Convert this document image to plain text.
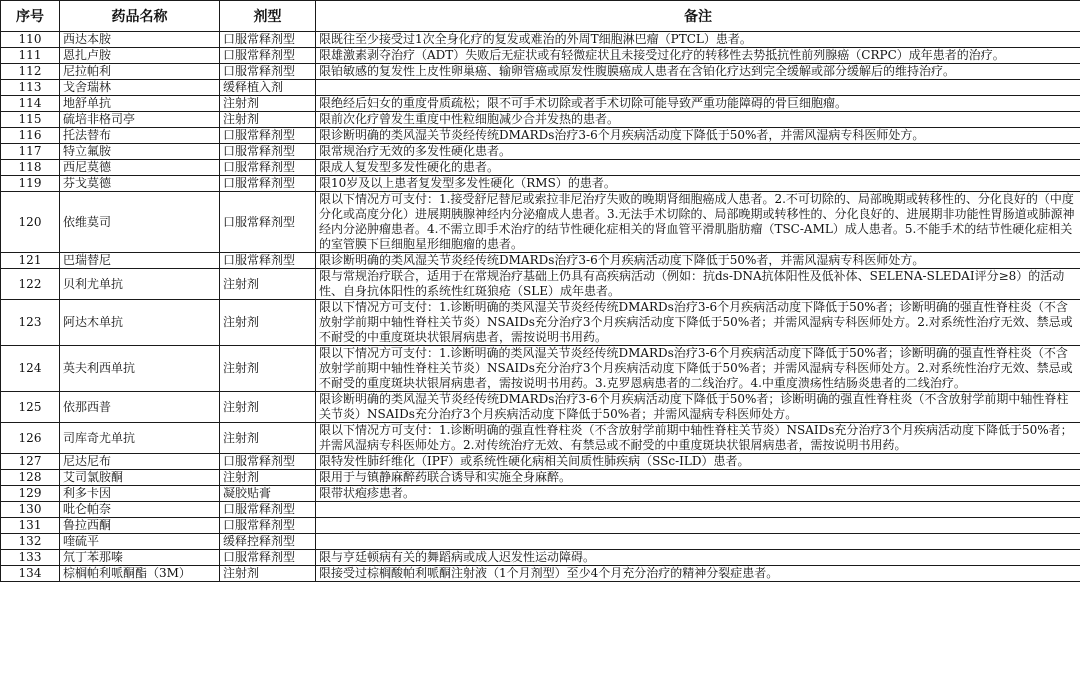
序号	药品名称	剂型	备注
110	西达本胺	口服常释剂型	限既往至少接受过1次全身化疗的复发或难治的外周T细胞淋巴瘤（PTCL）患者。
111	恩扎卢胺	口服常释剂型	限雄激素剥夺治疗（ADT）失败后无症状或有轻微症状且未接受过化疗的转移性去势抵抗性前列腺癌（CRPC）成年患者的治疗。
112	尼拉帕利	口服常释剂型	限铂敏感的复发性上皮性卵巢癌、输卵管癌或原发性腹膜癌成人患者在含铂化疗达到完全缓解或部分缓解后的维持治疗。
113	戈舍瑞林	缓释植入剂	
114	地舒单抗	注射剂	限绝经后妇女的重度骨质疏松；限不可手术切除或者手术切除可能导致严重功能障碍的骨巨细胞瘤。
115	硫培非格司亭	注射剂	限前次化疗曾发生重度中性粒细胞减少合并发热的患者。
116	托法替布	口服常释剂型	限诊断明确的类风湿关节炎经传统DMARDs治疗3-6个月疾病活动度下降低于50%者，并需风湿病专科医师处方。
117	特立氟胺	口服常释剂型	限常规治疗无效的多发性硬化患者。
118	西尼莫德	口服常释剂型	限成人复发型多发性硬化的患者。
119	芬戈莫德	口服常释剂型	限10岁及以上患者复发型多发性硬化（RMS）的患者。
120	依维莫司	口服常释剂型	限以下情况方可支付：1.接受舒尼替尼或索拉非尼治疗失败的晚期肾细胞癌成人患者。2.不可切除的、局部晚期或转移性的、分化良好的（中度分化或高度分化）进展期胰腺神经内分泌瘤成人患者。3.无法手术切除的、局部晚期或转移性的、分化良好的、进展期非功能性胃肠道或肺源神经内分泌肿瘤患者。4.不需立即手术治疗的结节性硬化症相关的肾血管平滑肌脂肪瘤（TSC-AML）成人患者。5.不能手术的结节性硬化症相关的室管膜下巨细胞星形细胞瘤的患者。
121	巴瑞替尼	口服常释剂型	限诊断明确的类风湿关节炎经传统DMARDs治疗3-6个月疾病活动度下降低于50%者，并需风湿病专科医师处方。
122	贝利尤单抗	注射剂	限与常规治疗联合，适用于在常规治疗基础上仍具有高疾病活动（例如：抗ds-DNA抗体阳性及低补体、SELENA-SLEDAI评分≥8）的活动性、自身抗体阳性的系统性红斑狼疮（SLE）成年患者。
123	阿达木单抗	注射剂	限以下情况方可支付：1.诊断明确的类风湿关节炎经传统DMARDs治疗3-6个月疾病活动度下降低于50%者；诊断明确的强直性脊柱炎（不含放射学前期中轴性脊柱关节炎）NSAIDs充分治疗3个月疾病活动度下降低于50%者；并需风湿病专科医师处方。2.对系统性治疗无效、禁忌或不耐受的中重度斑块状银屑病患者，需按说明书用药。
124	英夫利西单抗	注射剂	限以下情况方可支付：1.诊断明确的类风湿关节炎经传统DMARDs治疗3-6个月疾病活动度下降低于50%者；诊断明确的强直性脊柱炎（不含放射学前期中轴性脊柱关节炎）NSAIDs充分治疗3个月疾病活动度下降低于50%者；并需风湿病专科医师处方。2.对系统性治疗无效、禁忌或不耐受的重度斑块状银屑病患者，需按说明书用药。3.克罗恩病患者的二线治疗。4.中重度溃疡性结肠炎患者的二线治疗。
125	依那西普	注射剂	限诊断明确的类风湿关节炎经传统DMARDs治疗3-6个月疾病活动度下降低于50%者；诊断明确的强直性脊柱炎（不含放射学前期中轴性脊柱关节炎）NSAIDs充分治疗3个月疾病活动度下降低于50%者；并需风湿病专科医师处方。
126	司库奇尤单抗	注射剂	限以下情况方可支付：1.诊断明确的强直性脊柱炎（不含放射学前期中轴性脊柱关节炎）NSAIDs充分治疗3个月疾病活动度下降低于50%者；并需风湿病专科医师处方。2.对传统治疗无效、有禁忌或不耐受的中重度斑块状银屑病患者，需按说明书用药。
127	尼达尼布	口服常释剂型	限特发性肺纤维化（IPF）或系统性硬化病相关间质性肺疾病（SSc-ILD）患者。
128	艾司氯胺酮	注射剂	限用于与镇静麻醉药联合诱导和实施全身麻醉。
129	利多卡因	凝胶贴膏	限带状疱疹患者。
130	吡仑帕奈	口服常释剂型	
131	鲁拉西酮	口服常释剂型	
132	喹硫平	缓释控释剂型	
133	氘丁苯那嗪	口服常释剂型	限与亨廷顿病有关的舞蹈病或成人迟发性运动障碍。
134	棕榈帕利哌酮酯（3M）	注射剂	限接受过棕榈酸帕利哌酮注射液（1个月剂型）至少4个月充分治疗的精神分裂症患者。
